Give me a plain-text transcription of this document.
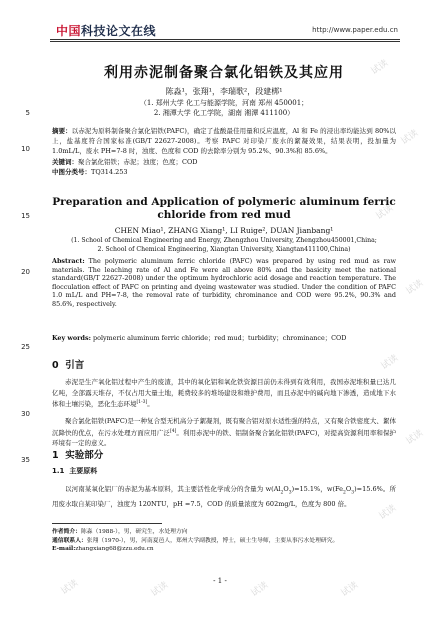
中国科技论文在线	http://www.paper.edu.cn
试读
试读
试读
试读
试读
试读
试读
试读	试读	试读	试读
5
10
15
20
25
30
35
利用赤泥制备聚合氯化铝铁及其应用
陈淼¹，张翔¹，李瑞歌²，段建梆¹
（1. 郑州大学 化工与能源学院，河南 郑州 450001；
2. 湘潭大学 化工学院，湖南 湘潭 411100）
摘要：以赤泥为原料制备聚合氯化铝铁(PAFC)，确定了盐酸最佳用量和反应温度，Al 和 Fe 的浸出率均能达到 80%以上，盐基度符合国家标准(GB/T 22627-2008)。考察 PAFC 对印染厂废水的絮凝效果，结果表明，投加量为 1.0mL/L，废水 PH=7-8 时，浊度、色度和 COD 的去除率分别为 95.2%、90.3%和 85.6%。
关键词：聚合氯化铝铁；赤泥；浊度；色度；COD
中图分类号：TQ314.253
Preparation and Application of polymeric aluminum ferric
chloride from red mud
CHEN Miao¹, ZHANG Xiang¹, LI Ruige², DUAN Jianbang¹
(1. School of Chemical Engineering and Energy, Zhengzhou University, Zhengzhou450001,China;
2. School of Chemical Engineering, Xiangtan University, Xiangtan411100,China)
Abstract: The polymeric aluminum ferric chloride (PAFC) was prepared by using red mud as raw materials. The leaching rate of Al and Fe were all above 80% and the basicity meet the national standard(GB/T 22627-2008) under the optimum hydrochloric acid dosage and reaction temperature. The flocculation effect of PAFC on printing and dyeing wastewater was studied. Under the condition of PAFC 1.0 mL/L and PH=7-8, the removal rate of turbidity, chrominance and COD were 95.2%, 90.3% and 85.6%, respectively.
Key words: polymeric aluminum ferric chloride；red mud；turbidity；chrominance；COD
0 引言
赤泥是生产氧化铝过程中产生的废渣，其中的氧化铝和氧化铁资源目前仍未得到有效利用，我国赤泥堆积量已达几亿吨，全部露天堆存，不仅占用大量土地，耗费较多的堆场建设和维护费用，而且赤泥中的碱向地下渗透，造成地下水体和土壤污染，恶化生态环境[1-3]。
聚合氯化铝铁(PAFC)是一种复合型无机高分子絮凝剂，既有聚合铝对原水适性强的特点，又有聚合铁密度大、絮体沉降快的优点，在污水处理方面应用广泛[4]。利用赤泥中的铁、铝制备聚合氯化铝铁(PAFC)，对提高资源利用率和保护环境有一定的意义。
1 实验部分
1.1 主要原料
以河南某氧化铝厂的赤泥为基本原料，其主要活性化学成分的含量为 $w(Al_2O_3)=15.1\%$，$w(Fe_2O_3)=15.6\%$。所用废水取自某印染厂，浊度为 120NTU，pH =7.5，COD 的质量浓度为 602mg/L，色度为 800 倍。
作者简介：陈淼（1988-），男，研究生，水处理方向
通信联系人：张翔（1970-），男，河南夏邑人，郑州大学副教授，博士，硕士生导师，主要从事污水处理研究。
E-mail:zhangxiang68@zzu.edu.cn
- 1 -
